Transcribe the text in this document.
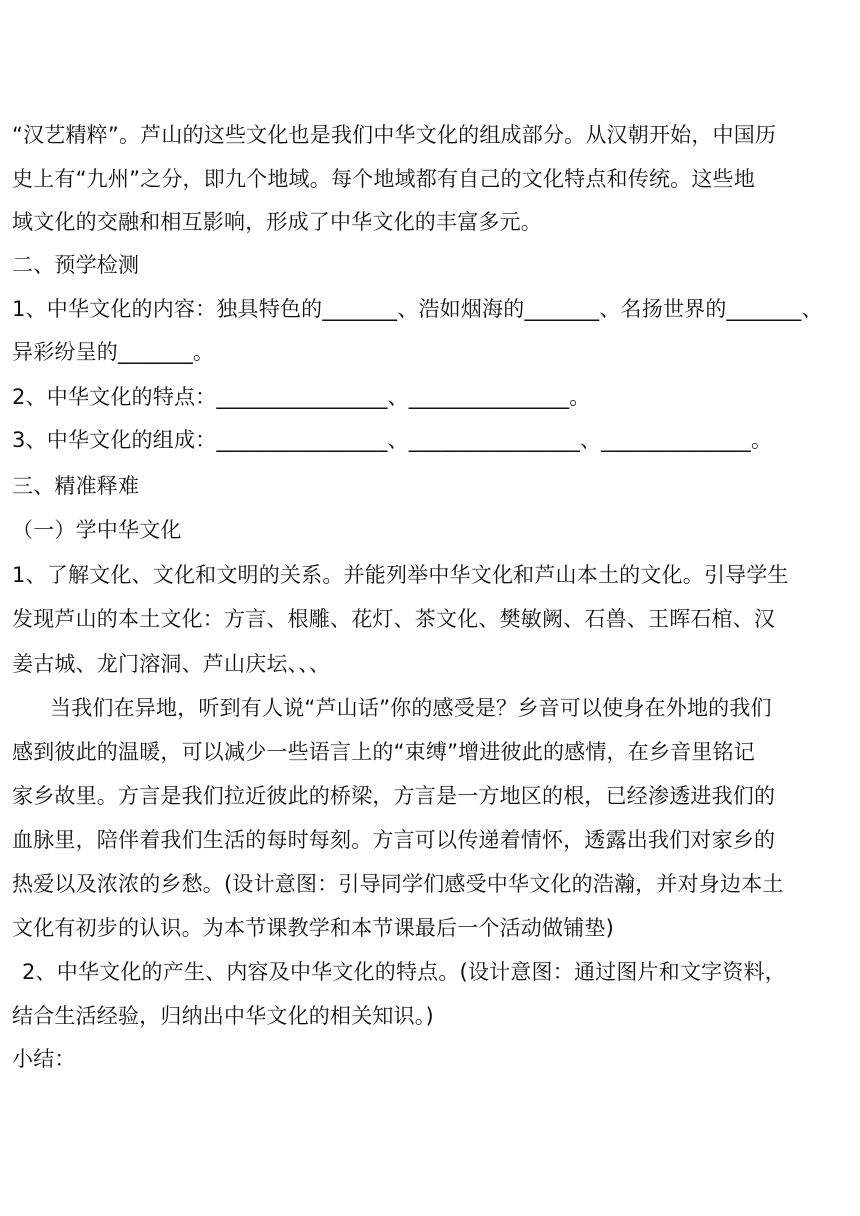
“汉艺精粹”。芦山的这些文化也是我们中华文化的组成部分。从汉朝开始，中国历
史上有“九州”之分，即九个地域。每个地域都有自己的文化特点和传统。这些地
域文化的交融和相互影响，形成了中华文化的丰富多元。
二、预学检测
1、中华文化的内容：独具特色的_______、浩如烟海的_______、名扬世界的_______、
异彩纷呈的_______。
2、中华文化的特点：________________、_______________。
3、中华文化的组成：________________、________________、______________。
三、精准释难
（一）学中华文化
1、了解文化、文化和文明的关系。并能列举中华文化和芦山本土的文化。引导学生
发现芦山的本土文化：方言、根雕、花灯、茶文化、樊敏阙、石兽、王晖石棺、汉
姜古城、龙门溶洞、芦山庆坛、、、
当我们在异地，听到有人说“芦山话”你的感受是？乡音可以使身在外地的我们
感到彼此的温暖，可以减少一些语言上的“束缚”增进彼此的感情，在乡音里铭记
家乡故里。方言是我们拉近彼此的桥梁，方言是一方地区的根，已经渗透进我们的
血脉里，陪伴着我们生活的每时每刻。方言可以传递着情怀，透露出我们对家乡的
热爱以及浓浓的乡愁。(设计意图：引导同学们感受中华文化的浩瀚，并对身边本土
文化有初步的认识。为本节课教学和本节课最后一个活动做铺垫)
2、中华文化的产生、内容及中华文化的特点。(设计意图：通过图片和文字资料，
结合生活经验，归纳出中华文化的相关知识。)
小结：
